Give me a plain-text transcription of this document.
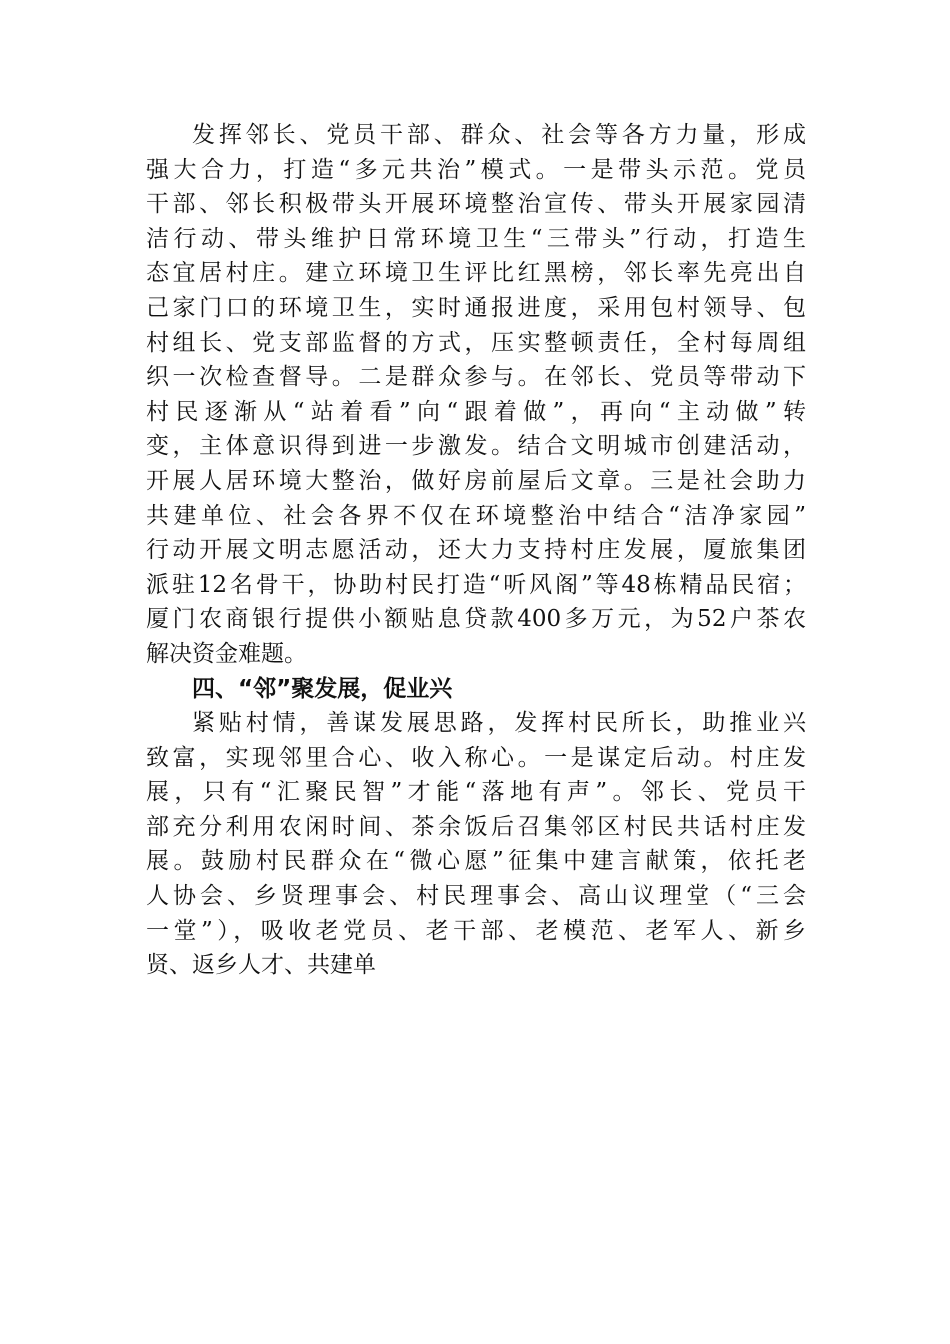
发挥邻长、党员干部、群众、社会等各方力量，形成
强大合力，打造“多元共治”模式。一是带头示范。党员
干部、邻长积极带头开展环境整治宣传、带头开展家园清
洁行动、带头维护日常环境卫生“三带头”行动，打造生
态宜居村庄。建立环境卫生评比红黑榜，邻长率先亮出自
己家门口的环境卫生，实时通报进度，采用包村领导、包
村组长、党支部监督的方式，压实整顿责任，全村每周组
织一次检查督导。二是群众参与。在邻长、党员等带动下
村民逐渐从“站着看”向“跟着做”，再向“主动做”转
变，主体意识得到进一步激发。结合文明城市创建活动，
开展人居环境大整治，做好房前屋后文章。三是社会助力
共建单位、社会各界不仅在环境整治中结合“洁净家园”
行动开展文明志愿活动，还大力支持村庄发展，厦旅集团
派驻12名骨干，协助村民打造“听风阁”等48栋精品民宿；
厦门农商银行提供小额贴息贷款400多万元，为52户茶农
解决资金难题。
四、“邻”聚发展，促业兴
紧贴村情，善谋发展思路，发挥村民所长，助推业兴
致富，实现邻里合心、收入称心。一是谋定后动。村庄发
展，只有“汇聚民智”才能“落地有声”。邻长、党员干
部充分利用农闲时间、茶余饭后召集邻区村民共话村庄发
展。鼓励村民群众在“微心愿”征集中建言献策，依托老
人协会、乡贤理事会、村民理事会、高山议理堂（“三会
一堂”），吸收老党员、老干部、老模范、老军人、新乡
贤、返乡人才、共建单
